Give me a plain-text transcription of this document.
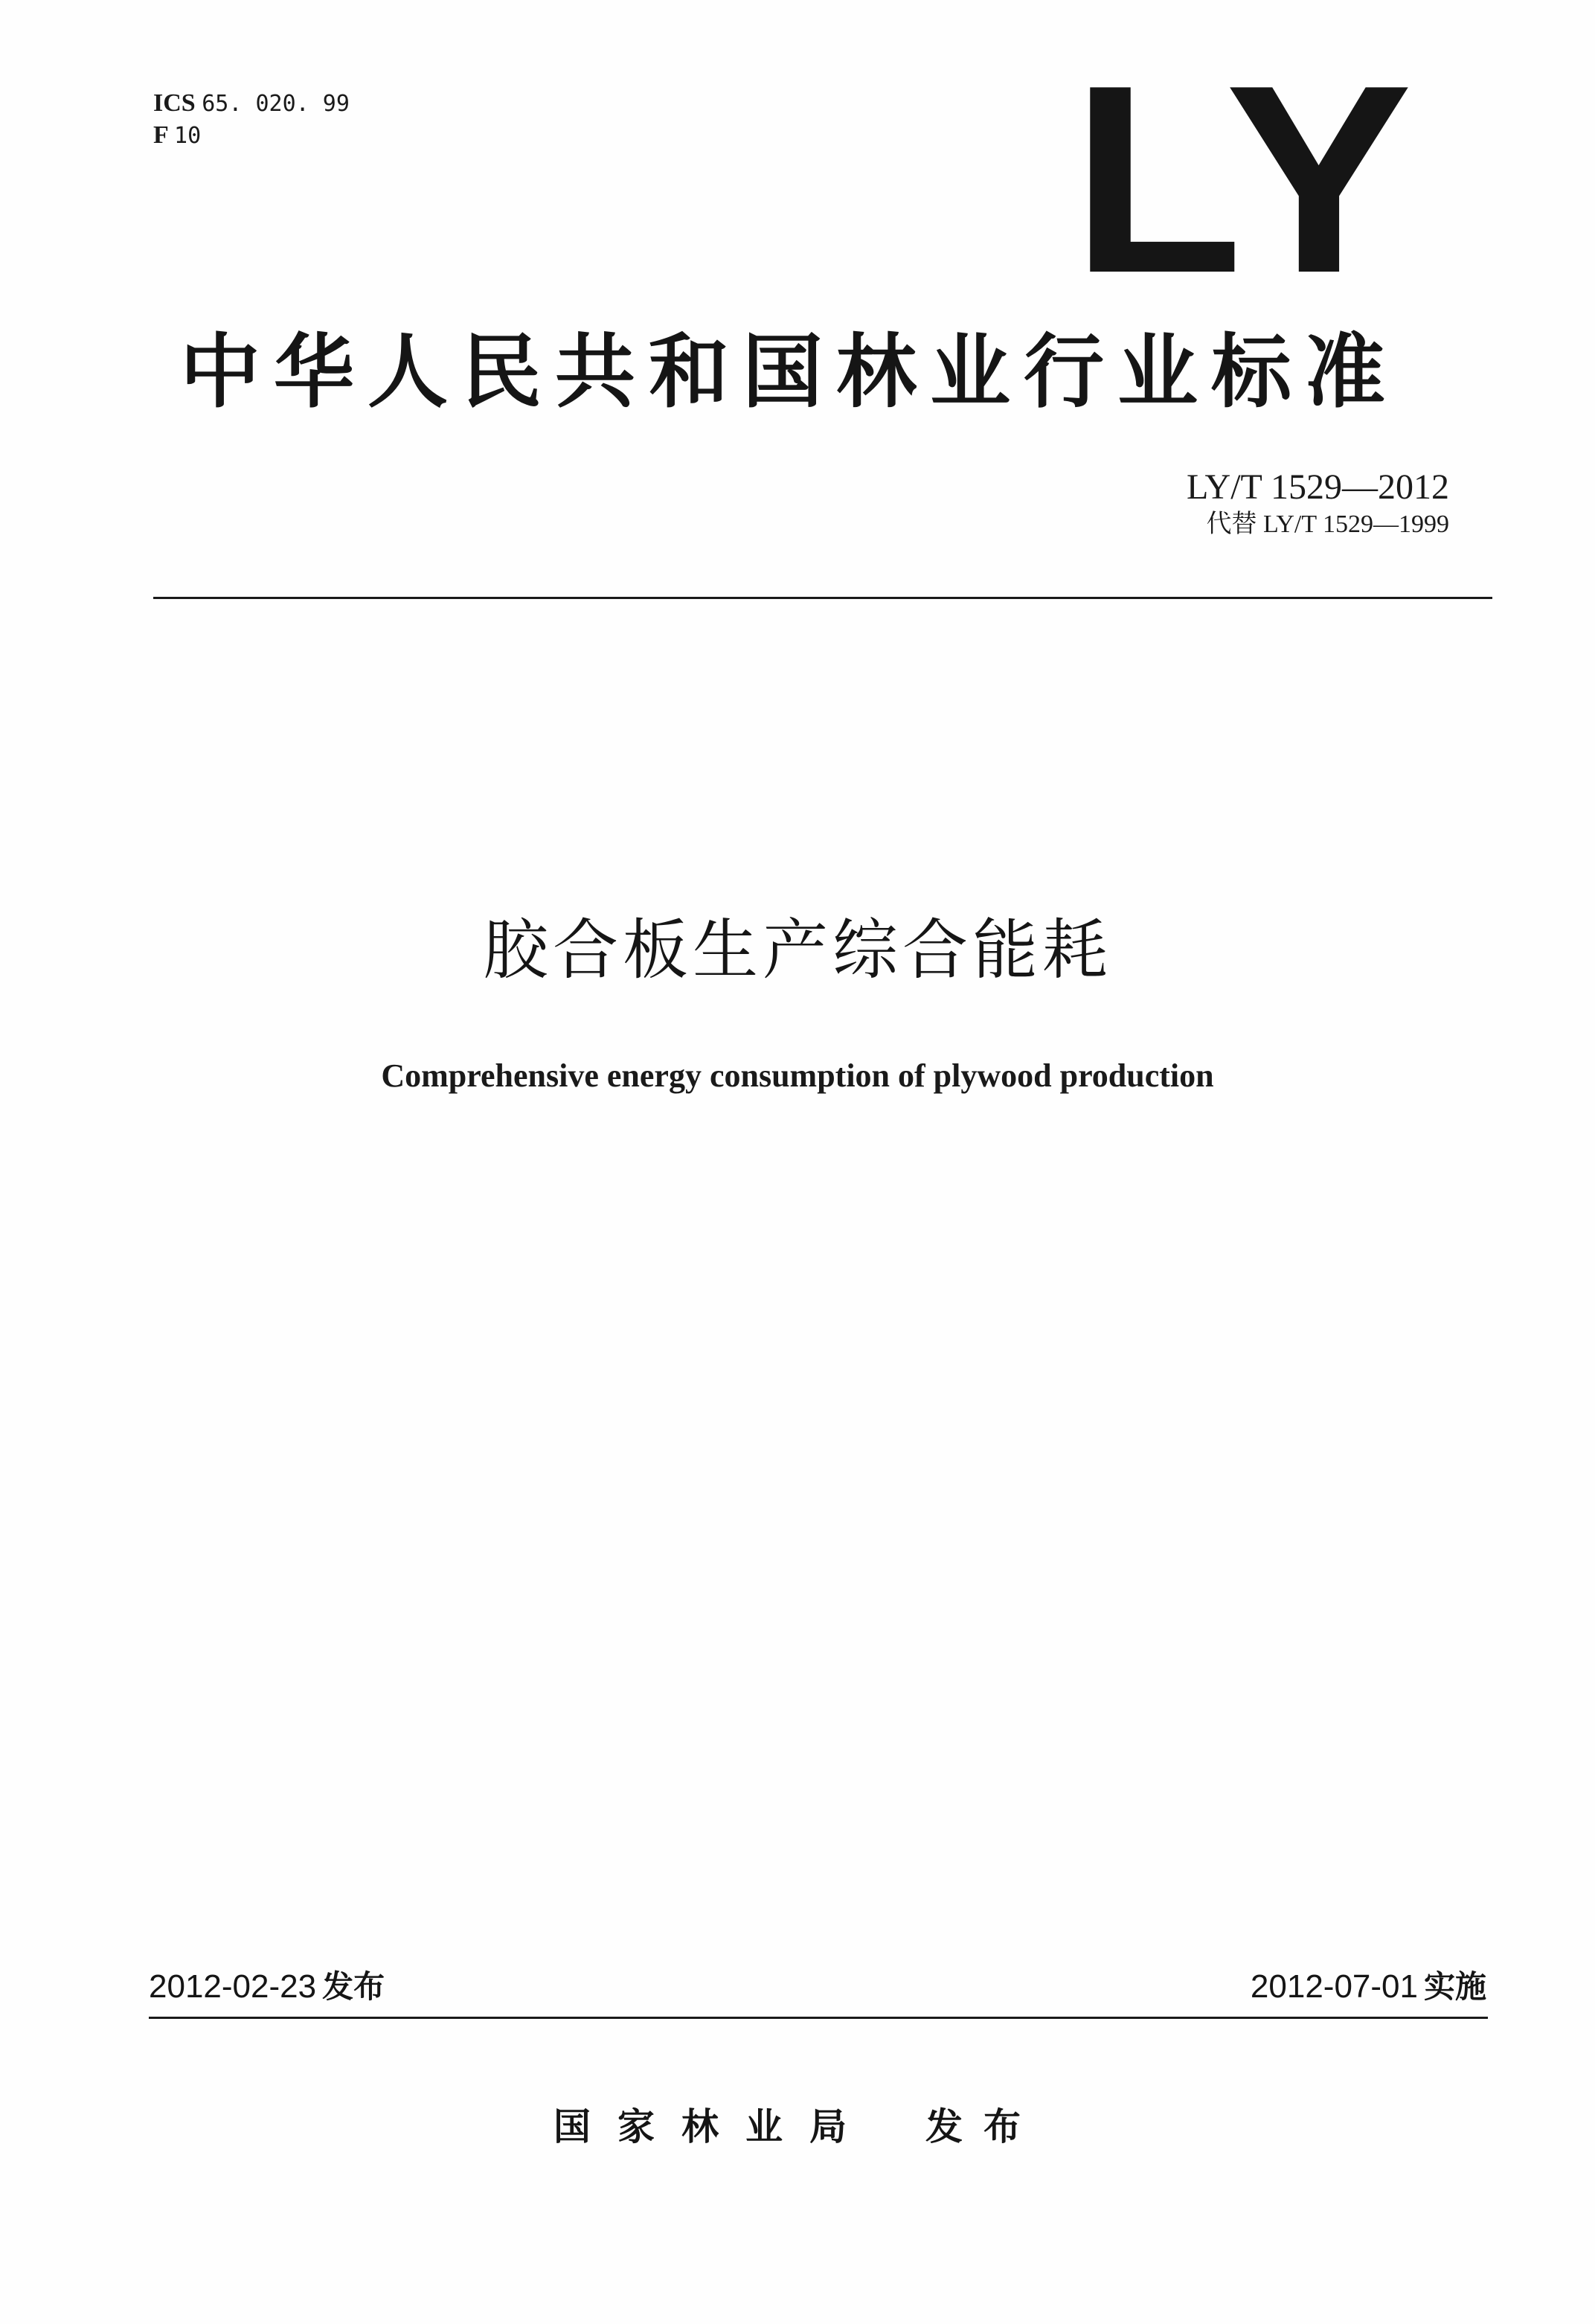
ICS 65. 020. 99
F 10	LY
中华人民共和国林业行业标准
LY/T 1529—2012
代替 LY/T 1529—1999
胶合板生产综合能耗
Comprehensive energy consumption of plywood production
2012-02-23 发布	2012-07-01 实施
国家林业局 发布
